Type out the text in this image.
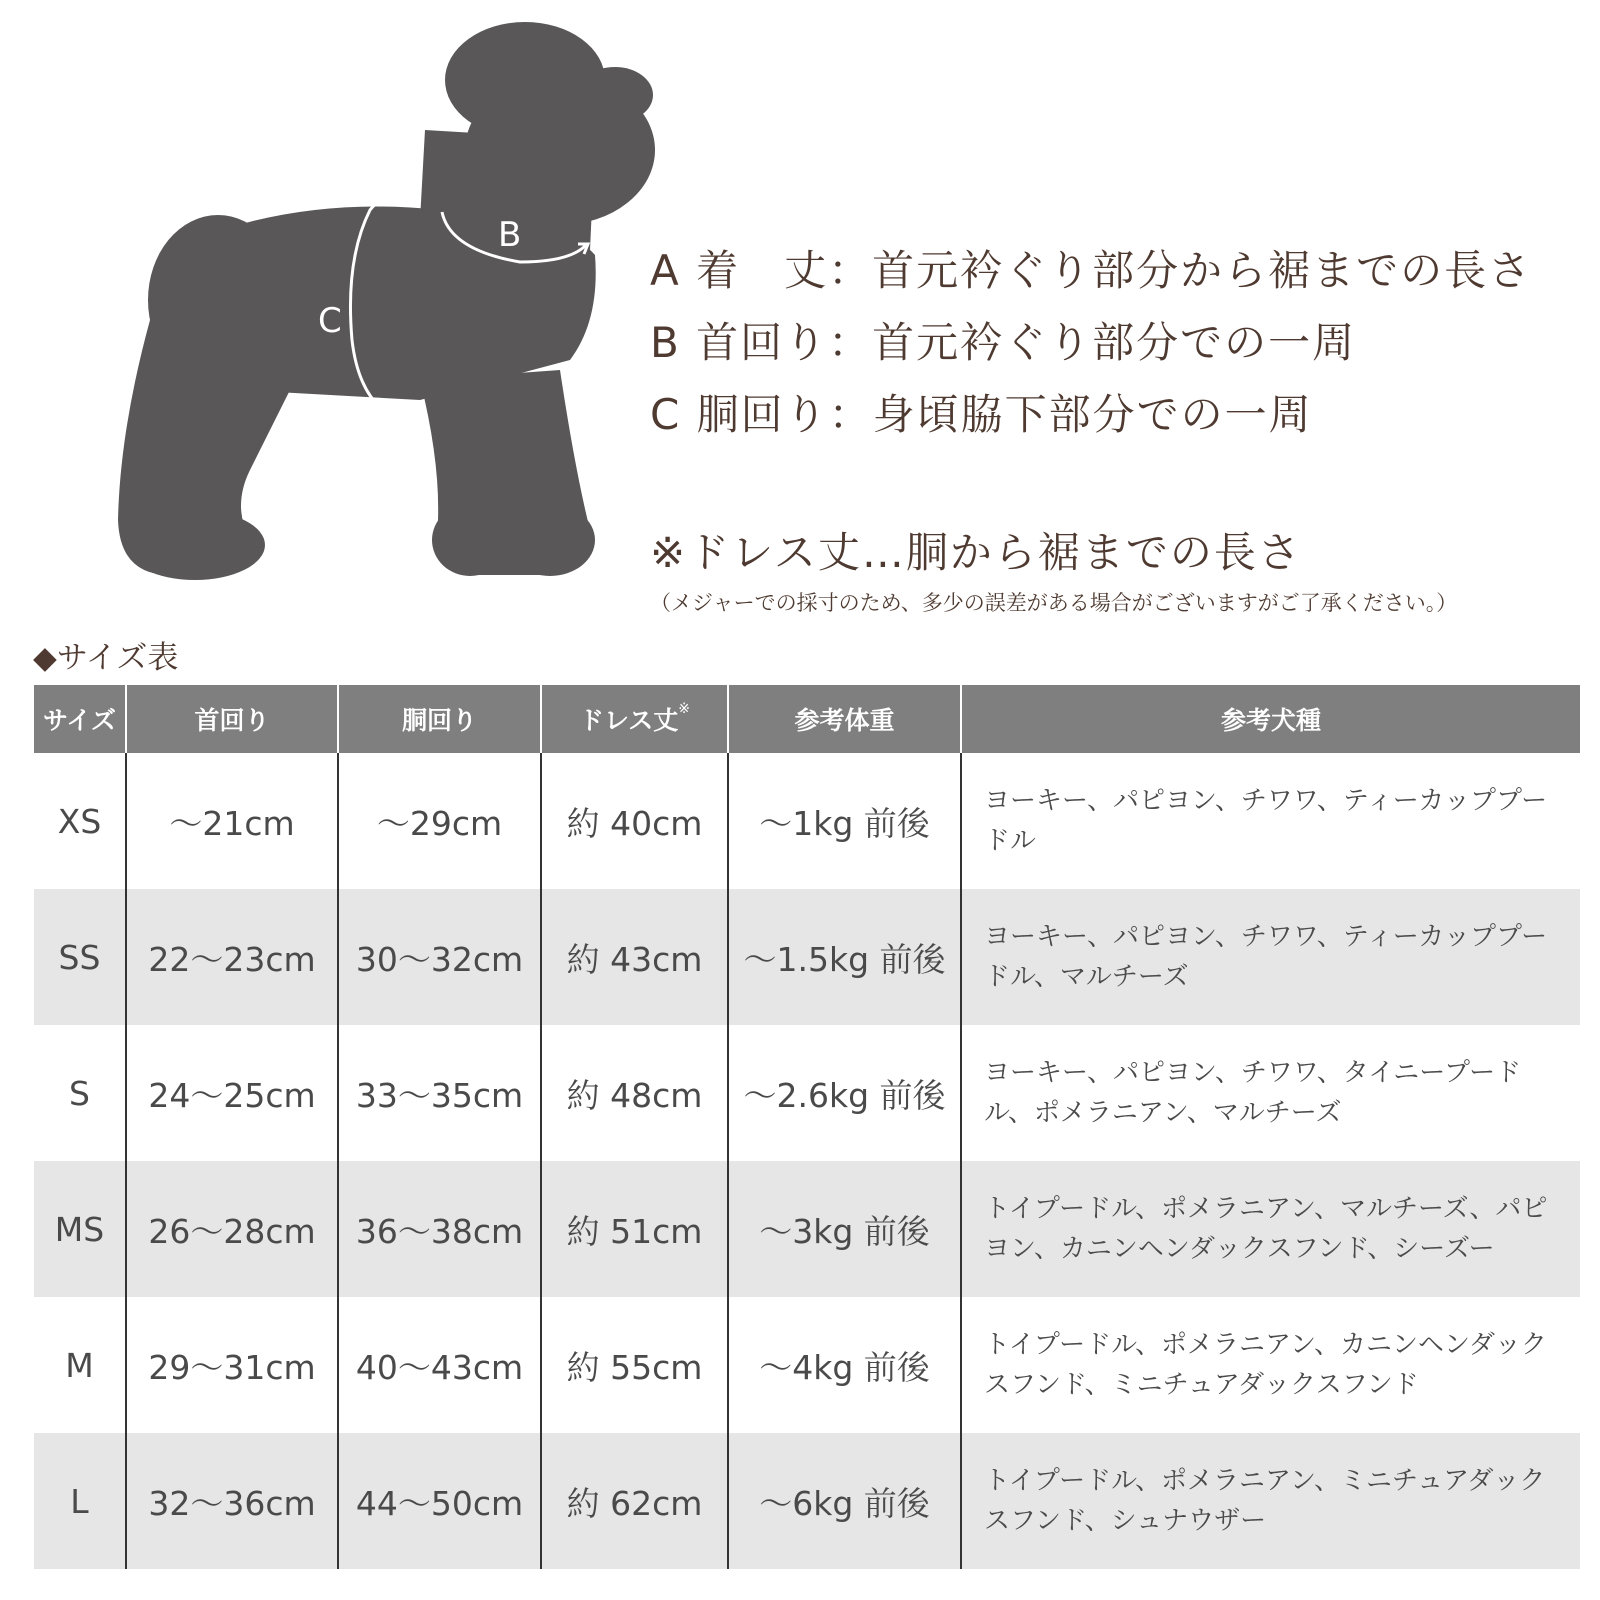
A
B
C
A 着　丈：首元衿ぐり部分から裾までの長さ
B 首回り：首元衿ぐり部分での一周
C 胴回り：身頃脇下部分での一周
※ドレス丈…胴から裾までの長さ
（メジャーでの採寸のため、多少の誤差がある場合がございますがご了承ください。）
◆サイズ表
サイズ	首回り	胴回り	ドレス丈※	参考体重	参考犬種
XS	～21cm	～29cm	約 40cm	～1kg 前後	ヨーキー、パピヨン、チワワ、ティーカッププードル
SS	22～23cm	30～32cm	約 43cm	～1.5kg 前後	ヨーキー、パピヨン、チワワ、ティーカッププードル、マルチーズ
S	24～25cm	33～35cm	約 48cm	～2.6kg 前後	ヨーキー、パピヨン、チワワ、タイニープードル、ポメラニアン、マルチーズ
MS	26～28cm	36～38cm	約 51cm	～3kg 前後	トイプードル、ポメラニアン、マルチーズ、パピヨン、カニンヘンダックスフンド、シーズー
M	29～31cm	40～43cm	約 55cm	～4kg 前後	トイプードル、ポメラニアン、カニンヘンダックスフンド、ミニチュアダックスフンド
L	32～36cm	44～50cm	約 62cm	～6kg 前後	トイプードル、ポメラニアン、ミニチュアダックスフンド、シュナウザー
